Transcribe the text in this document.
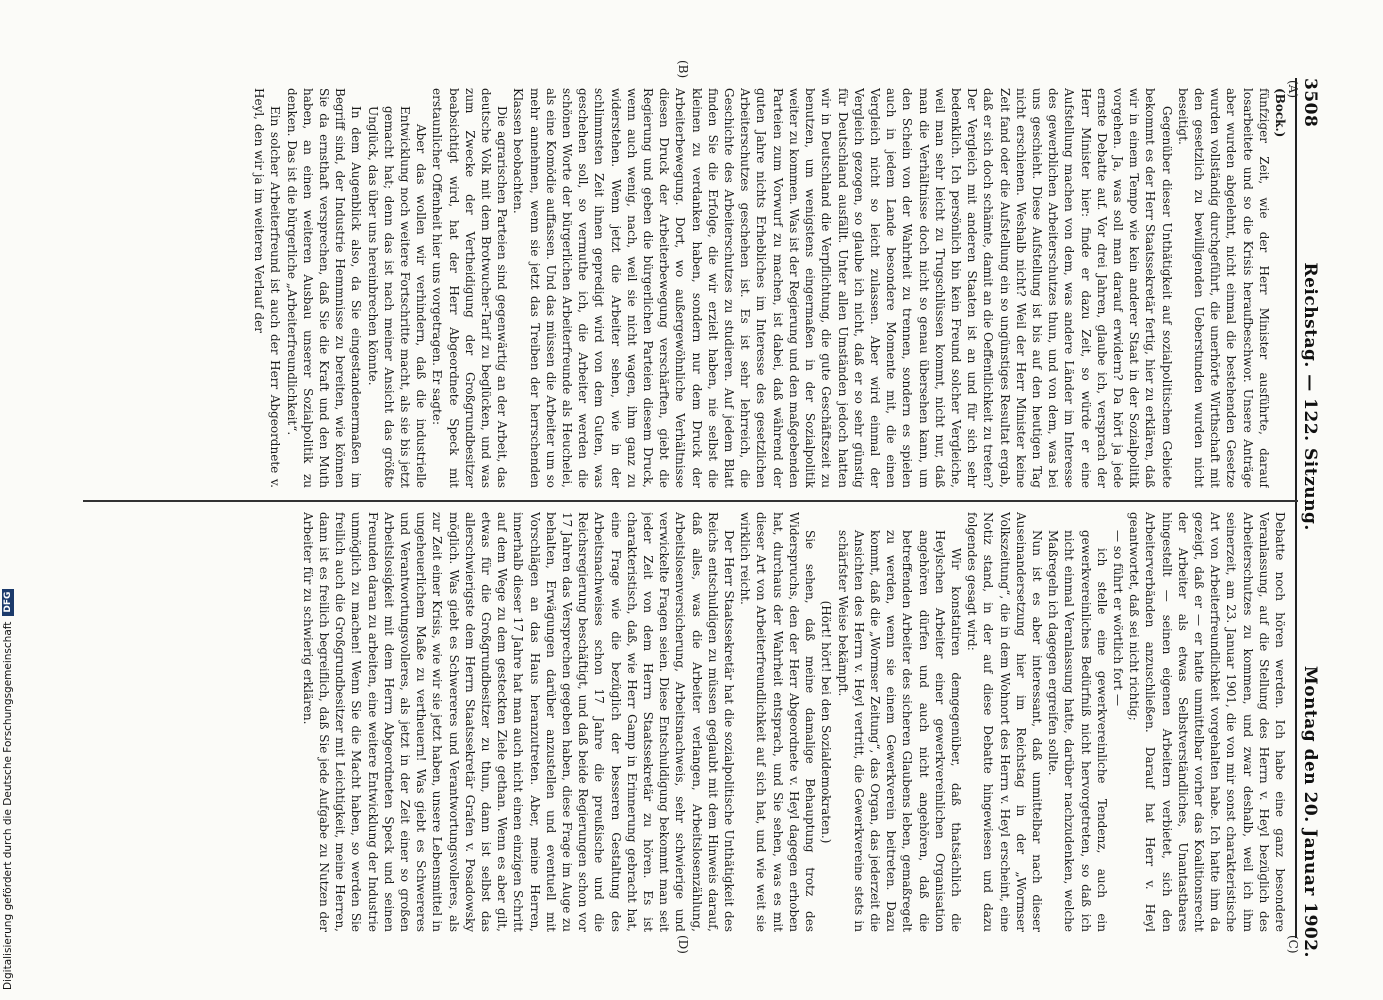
3508
Reichstag. — 122. Sitzung.
Montag den 20. Januar 1902.
(A)
(B)
(C)
(D)

(Bock.)

fünfziger Zeit, wie der Herr Minister ausführte, darauf losarbeitete und so die Krisis heraufbeschwor. Unsere Anträge aber wurden abgelehnt, nicht einmal die bestehenden Gesetze wurden vollständig durchgeführt, die unerhörte Wirthschaft mit den gesetzlich zu bewilligenden Ueberstunden wurden nicht beseitigt.

Gegenüber dieser Unthätigkeit auf sozialpolitischem Gebiete bekommt es der Herr Staatssekretär fertig, hier zu erklären, daß wir in einem Tempo wie kein anderer Staat in der Sozialpolitik vorgehen. Ja, was soll man darauf erwidern? Da hört ja jede ernste Debatte auf. Vor drei Jahren, glaube ich, versprach der Herr Minister hier: finde er dazu Zeit, so würde er eine Aufstellung machen von dem, was andere Länder im Interesse des gewerblichen Arbeiterschutzes thun, und von dem, was bei uns geschieht. Diese Aufstellung ist bis auf den heutigen Tag nicht erschienen. Weshalb nicht? Weil der Herr Minister keine Zeit fand oder die Aufstellung ein so ungünstiges Resultat ergab, daß er sich doch schämte, damit an die Oeffentlichkeit zu treten? Der Vergleich mit anderen Staaten ist an und für sich sehr bedenklich. Ich persönlich bin kein Freund solcher Vergleiche, weil man sehr leicht zu Trugschlüssen kommt, nicht nur, daß man die Verhältnisse doch nicht so genau übersehen kann, um den Schein von der Wahrheit zu trennen, sondern es spielen auch in jedem Lande besondere Momente mit, die einen Vergleich nicht so leicht zulassen. Aber wird einmal der Vergleich gezogen, so glaube ich nicht, daß er so sehr günstig für Deutschland ausfällt. Unter allen Umständen jedoch hatten wir in Deutschland die Verpflichtung, die gute Geschäftszeit zu benutzen, um wenigstens eingermaßen in der Sozialpolitik weiter zu kommen. Was ist der Regierung und den maßgebenden Parteien zum Vorwurf zu machen, ist dabei, daß während der guten Jahre nichts Erhebliches im Interesse des gesetzlichen Arbeiterschutzes geschehen ist. Es ist sehr lehrreich, die Geschichte des Arbeiterschutzes zu studieren. Auf jedem Blatt finden Sie die Erfolge, die wir erzielt haben, nie selbst die kleinen zu verdanken haben, sondern nur dem Druck der Arbeiterbewegung. Dort, wo außergewöhnliche Verhältnisse diesen Druck der Arbeiterbewegung verschärften, giebt die Regierung und geben die bürgerlichen Parteien diesem Druck, wenn auch wenig, nach, weil sie nicht wagen, ihm ganz zu widerstehen. Wenn jetzt die Arbeiter sehen, wie in der schlimmsten Zeit ihnen gepredigt wird von dem Guten, was geschehen soll, so vermuthe ich, die Arbeiter werden die schönen Worte der bürgerlichen Arbeiterfreunde als Heuchelei, als eine Komödie auffassen. Und das müssen die Arbeiter um so mehr annehmen, wenn sie jetzt das Treiben der herrschenden Klassen beobachten.

Die agrarischen Parteien sind gegenwärtig an der Arbeit, das deutsche Volk mit dem Brotwucher-Tarif zu beglücken, und was zum Zwecke der Vertheidigung der Großgrundbesitzer beabsichtigt wird, hat der Herr Abgeordnete Speck mit erstaunlicher Offenheit hier uns vorgetragen. Er sagte:

Aber das wollen wir verhindern, daß die industrielle Entwicklung noch weitere Fortschritte macht, als sie bis jetzt gemacht hat; denn das ist nach meiner Ansicht das größte Unglück, das über uns hereinbrechen könnte.

In dem Augenblick also, da Sie eingestandenermaßen im Begriff sind, der Industrie Hemmnisse zu bereiten, wie können Sie da ernsthaft versprechen, daß Sie die Kraft und den Muth haben, an einen weiteren Ausbau unserer Sozialpolitik zu denken. Das ist die bürgerliche „Arbeiterfreundlichkeit“.

Ein solcher Arbeiterfreund ist auch der Herr Abgeordnete v. Heyl, den wir ja im weiteren Verlauf der

Debatte noch hören werden. Ich habe eine ganz besondere Veranlassung, auf die Stellung des Herrn v. Heyl bezüglich des Arbeiterschutzes zu kommen, und zwar deshalb, weil ich ihm seinerzeit, am 23. Januar 1901, die von mir sonst charakteristische Art von Arbeiterfreundlichkeit vorgehalten habe. Ich hatte ihm da gezeigt, daß er — er hatte unmittelbar vorher das Koalitionsrecht der Arbeiter als etwas Selbstverständliches, Unantastbares hingestellt — seinen eigenen Arbeitern verbietet, sich den Arbeiterverbänden anzuschließen. Darauf hat Herr v. Heyl geantwortet, daß sei nicht richtig;

— so führt er wörtlich fort —

ich stelle eine gewerkvereinliche Tendenz, auch ein gewerkvereinliches Bedürfniß nicht hervorgetreten, so daß ich nicht einmal Veranlassung hatte, darüber nachzudenken, welche Maßregeln ich dagegen ergreifen sollte.

Nun ist es aber interessant, daß unmittelbar nach dieser Auseinandersetzung hier im Reichstag in der „Wormser Volkszeitung“, die in dem Wohnort des Herrn v. Heyl erscheint, eine Notiz stand, in der auf diese Debatte hingewiesen und dazu folgendes gesagt wird:

Wir konstatiren demgegenüber, daß thatsächlich die Heylschen Arbeiter einer gewerkvereinlichen Organisation angehören dürfen und auch nicht angehören, daß die betreffenden Arbeiter des sicheren Glaubens leben, gemaßregelt zu werden, wenn sie einem Gewerkverein beitreten. Dazu kommt, daß die „Wormser Zeitung“, das Organ, das jederzeit die Ansichten des Herrn v. Heyl vertritt, die Gewerkvereine stets in schärfster Weise bekämpft.

(Hört! hört! bei den Sozialdemokraten.)

Sie sehen, daß meine damalige Behauptung trotz des Widerspruchs, den der Herr Abgeordnete v. Heyl dagegen erhoben hat, durchaus der Wahrheit entsprach, und Sie sehen, was es mit dieser Art von Arbeiterfreundlichkeit auf sich hat, und wie weit sie wirklich reicht.

Der Herr Staatssekretär hat die sozialpolitische Unthätigkeit des Reichs entschuldigen zu müssen geglaubt mit dem Hinweis darauf, daß alles, was die Arbeiter verlangen, Arbeitslosenzählung, Arbeitslosenversicherung, Arbeitsnachweis, sehr schwierige und verwickelte Fragen seien. Diese Entschuldigung bekommt man seit jeder Zeit von dem Herrn Staatssekretär zu hören. Es ist charakteristisch, daß, wie Herr Gamp in Erinnerung gebracht hat, eine Frage wie die bezüglich der besseren Gestaltung des Arbeitsnachweises schon 17 Jahre die preußische und die Reichsregierung beschäftigt, und daß beide Regierungen schon vor 17 Jahren das Versprechen gegeben haben, diese Frage im Auge zu behalten, Erwägungen darüber anzustellen und eventuell mit Vorschlägen an das Haus heranzutreten. Aber, meine Herren, innerhalb dieser 17 Jahre hat man auch nicht einen einzigen Schritt auf dem Wege zu dem gesteckten Ziele gethan. Wenn es aber gilt, etwas für die Großgrundbesitzer zu thun, dann ist selbst das allerschwierigste dem Herrn Staatssekretär Grafen v. Posadowsky möglich. Was giebt es Schwereres und Verantwortungsvolleres, als zur Zeit einer Krisis, wie wir sie jetzt haben, unsere Lebensmittel in ungeheuerlichem Maße zu vertheuern! Was giebt es Schwereres und Verantwortungsvolleres, als jetzt in der Zeit einer so großen Arbeitslosigkeit mit dem Herrn Abgeordneten Speck und seinen Freunden daran zu arbeiten, eine weitere Entwicklung der Industrie unmöglich zu machen! Wenn Sie die Macht haben, so werden Sie freilich auch die Großgrundbesitzer mit Leichtigkeit, meine Herren, dann ist es freilich begreiflich, daß Sie jede Aufgabe zu Nutzen der Arbeiter für zu schwierig erklären.

Digitalisierung gefördert durch die Deutsche Forschungsgemeinschaft
DFG
